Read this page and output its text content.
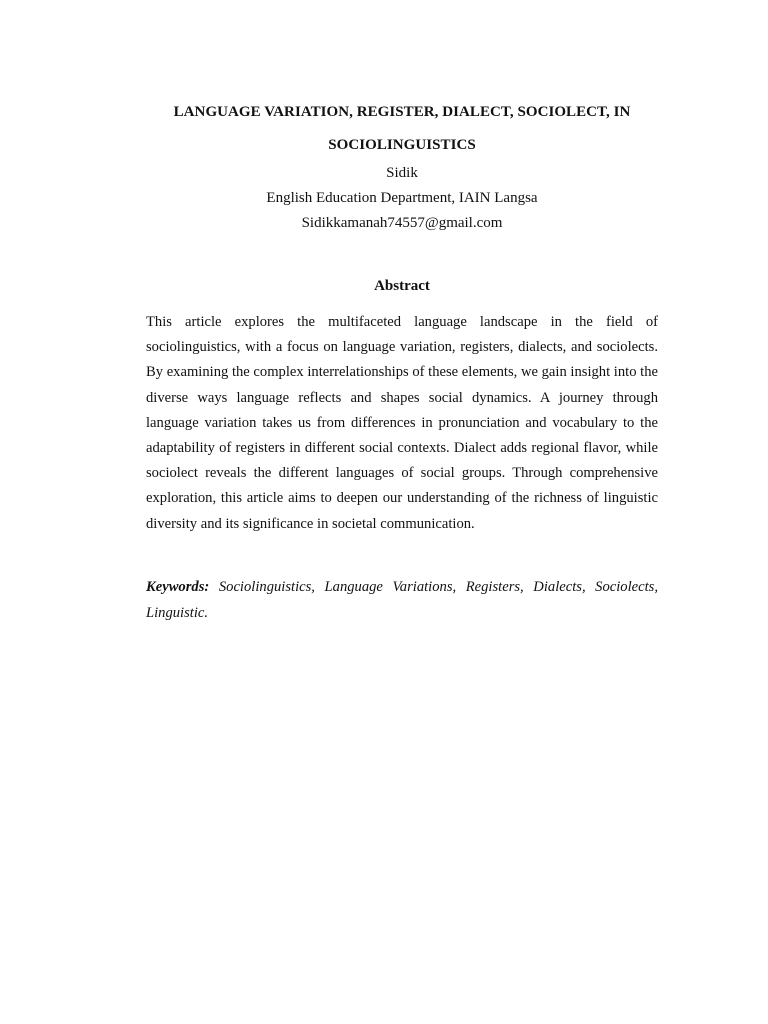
LANGUAGE VARIATION, REGISTER, DIALECT, SOCIOLECT, IN SOCIOLINGUISTICS

Sidik

English Education Department, IAIN Langsa

Sidikkamanah74557@gmail.com

Abstract

This article explores the multifaceted language landscape in the field of sociolinguistics, with a focus on language variation, registers, dialects, and sociolects. By examining the complex interrelationships of these elements, we gain insight into the diverse ways language reflects and shapes social dynamics. A journey through language variation takes us from differences in pronunciation and vocabulary to the adaptability of registers in different social contexts. Dialect adds regional flavor, while sociolect reveals the different languages of social groups. Through comprehensive exploration, this article aims to deepen our understanding of the richness of linguistic diversity and its significance in societal communication.

Keywords: Sociolinguistics, Language Variations, Registers, Dialects, Sociolects, Linguistic.
